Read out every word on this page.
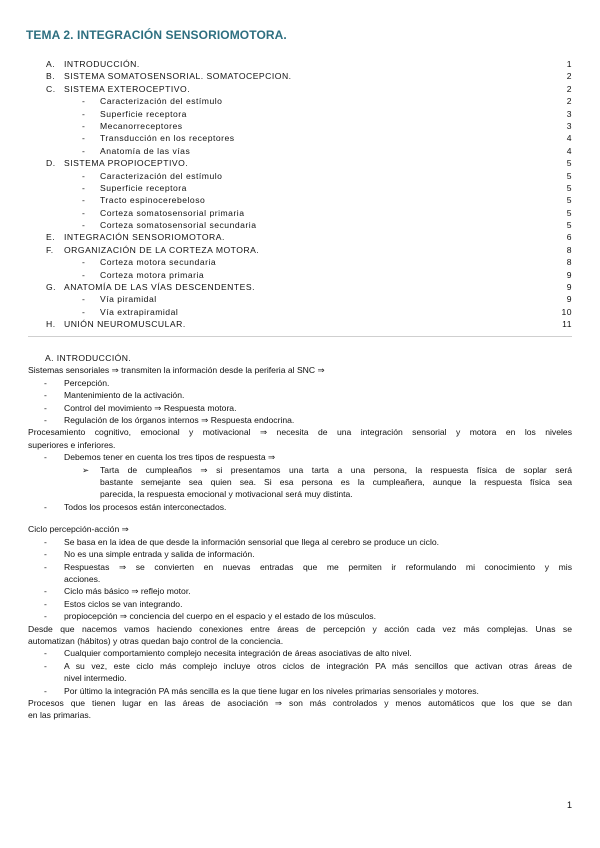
TEMA 2. INTEGRACIÓN SENSORIOMOTORA.
A. INTRODUCCIÓN.	1
B. SISTEMA SOMATOSENSORIAL. SOMATOCEPCION.	2
C. SISTEMA EXTEROCEPTIVO.	2
- Caracterización del estímulo	2
- Superficie receptora	3
- Mecanorreceptores	3
- Transducción en los receptores	4
- Anatomía de las vías	4
D. SISTEMA PROPIOCEPTIVO.	5
- Caracterización del estímulo	5
- Superficie receptora	5
- Tracto espinocerebeloso	5
- Corteza somatosensorial primaria	5
- Corteza somatosensorial secundaria	5
E. INTEGRACIÓN SENSORIOMOTORA.	6
F. ORGANIZACIÓN DE LA CORTEZA MOTORA.	8
- Corteza motora secundaria	8
- Corteza motora primaria	9
G. ANATOMÍA DE LAS VÍAS DESCENDENTES.	9
- Vía piramidal	9
- Vía extrapiramidal	10
H. UNIÓN NEUROMUSCULAR.	11
A. INTRODUCCIÓN.
Sistemas sensoriales ⇒ transmiten la información desde la periferia al SNC ⇒
- Percepción.
- Mantenimiento de la activación.
- Control del movimiento ⇒ Respuesta motora.
- Regulación de los órganos internos ⇒ Respuesta endocrina.
Procesamiento cognitivo, emocional y motivacional ⇒ necesita de una integración sensorial y motora en los niveles
superiores e inferiores.
- Debemos tener en cuenta los tres tipos de respuesta ⇒
➢ Tarta de cumpleaños ⇒ si presentamos una tarta a una persona, la respuesta física de soplar será
bastante semejante sea quien sea. Si esa persona es la cumpleañera, aunque la respuesta física sea
parecida, la respuesta emocional y motivacional será muy distinta.
- Todos los procesos están interconectados.
Ciclo percepción-acción ⇒
- Se basa en la idea de que desde la información sensorial que llega al cerebro se produce un ciclo.
- No es una simple entrada y salida de información.
- Respuestas ⇒ se convierten en nuevas entradas que me permiten ir reformulando mi conocimiento y mis
acciones.
- Ciclo más básico ⇒ reflejo motor.
- Estos ciclos se van integrando.
- propiocepción ⇒ conciencia del cuerpo en el espacio y el estado de los músculos.
Desde que nacemos vamos haciendo conexiones entre áreas de percepción y acción cada vez más complejas. Unas se
automatizan (hábitos) y otras quedan bajo control de la conciencia.
- Cualquier comportamiento complejo necesita integración de áreas asociativas de alto nivel.
- A su vez, este ciclo más complejo incluye otros ciclos de integración PA más sencillos que activan otras áreas de
nivel intermedio.
- Por último la integración PA más sencilla es la que tiene lugar en los niveles primarias sensoriales y motores.
Procesos que tienen lugar en las áreas de asociación ⇒ son más controlados y menos automáticos que los que se dan
en las primarias.
1
